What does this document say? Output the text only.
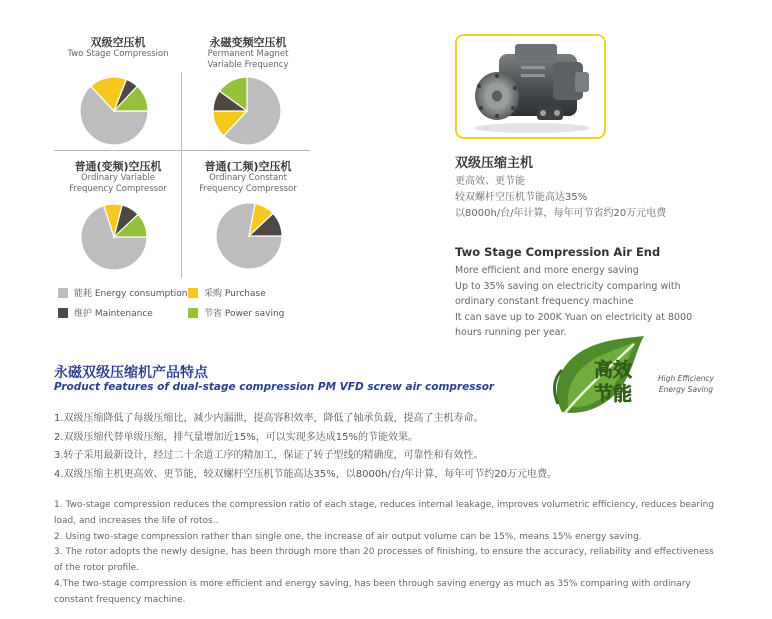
双级空压机
Two Stage Compression
永磁变频空压机
Permanent Magnet
Variable Frequency
普通(变频)空压机
Ordinary Variable
Frequency Compressor
普通(工频)空压机
Ordinary Constant
Frequency Compressor
能耗 Energy consumption 采购 Purchase
维护 Maintenance	节省 Power saving
双级压缩主机
更高效、更节能
较双螺杆空压机节能高达35%
以8000h/台/年计算，每年可节省约20万元电费
Two Stage Compression Air End
More efficient and more energy saving
Up to 35% saving on electricity comparing with
ordinary constant frequency machine
It can save up to 200K Yuan on electricity at 8000
hours running per year.
永磁双级压缩机产品特点
Product features of dual-stage compression PM VFD screw air compressor
高效
节能
High Efficiency
Energy Saving
1.双级压缩降低了每级压缩比，减少内漏泄，提高容积效率，降低了轴承负载，提高了主机寿命。
2.双级压缩代替单级压缩，排气量增加近15%，可以实现多达成15%的节能效果。
3.转子采用最新设计，经过二十余道工序的精加工，保证了转子型线的精确度，可靠性和有效性。
4.双级压缩主机更高效、更节能，较双螺杆空压机节能高达35%，以8000h/台/年计算，每年可节约20万元电费。

1. Two-stage compression reduces the compression ratio of each stage, reduces internal leakage, improves volumetric efficiency, reduces bearing load, and increases the life of rotos..

2. Using two-stage compression rather than single one, the increase of air output volume can be 15%, means 15% energy saving.

3. The rotor adopts the newly designe, has been through more than 20 processes of finishing, to ensure the accuracy, reliability and effectiveness of the rotor profile.

4.The two-stage compression is more efficient and energy saving, has been through saving energy as much as 35% comparing with ordinary constant frequency machine.
